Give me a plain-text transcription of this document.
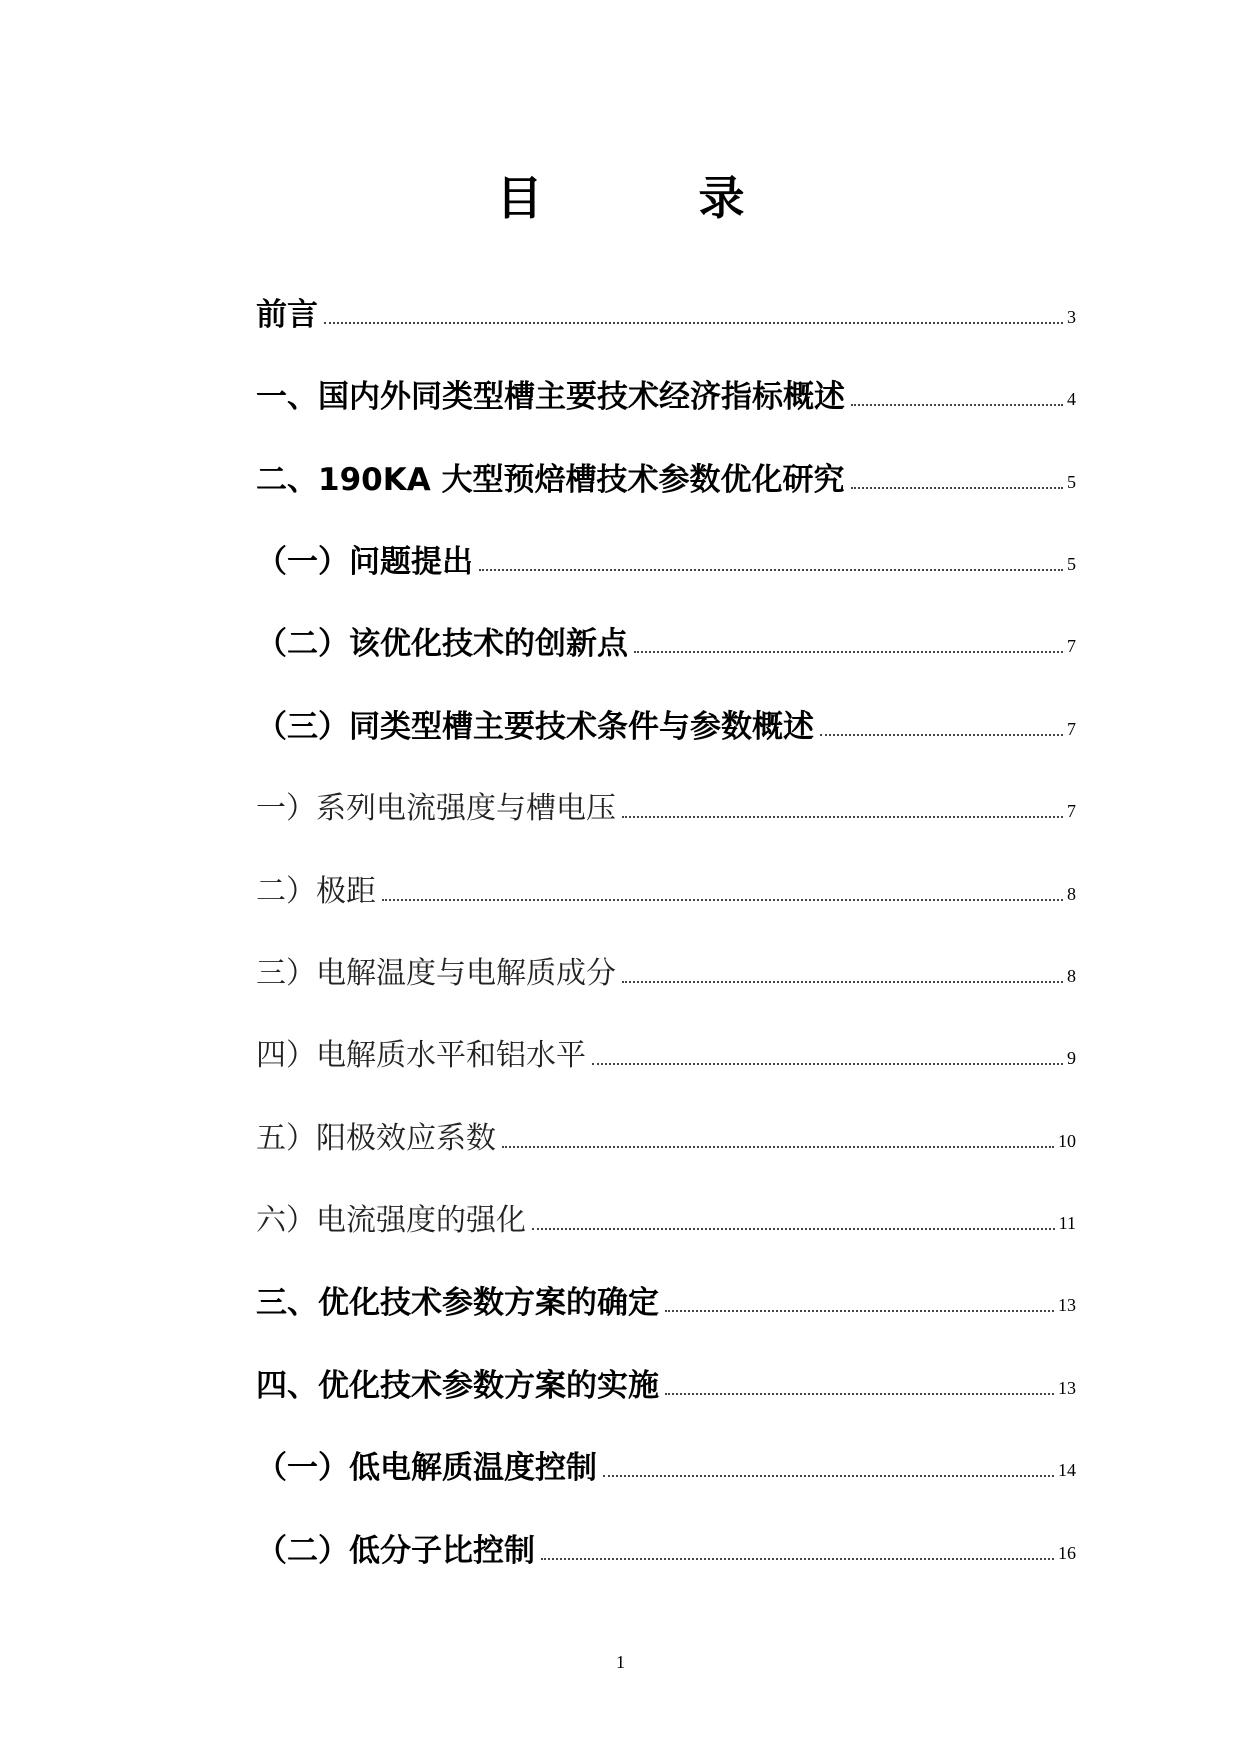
目 录
前言	3
一、国内外同类型槽主要技术经济指标概述	4
二、190KA 大型预焙槽技术参数优化研究	5
（一）问题提出	5
（二）该优化技术的创新点	7
（三）同类型槽主要技术条件与参数概述	7
一）系列电流强度与槽电压	7
二）极距	8
三）电解温度与电解质成分	8
四）电解质水平和铝水平	9
五）阳极效应系数	10
六）电流强度的强化	11
三、优化技术参数方案的确定	13
四、优化技术参数方案的实施	13
（一）低电解质温度控制	14
（二）低分子比控制	16
1
